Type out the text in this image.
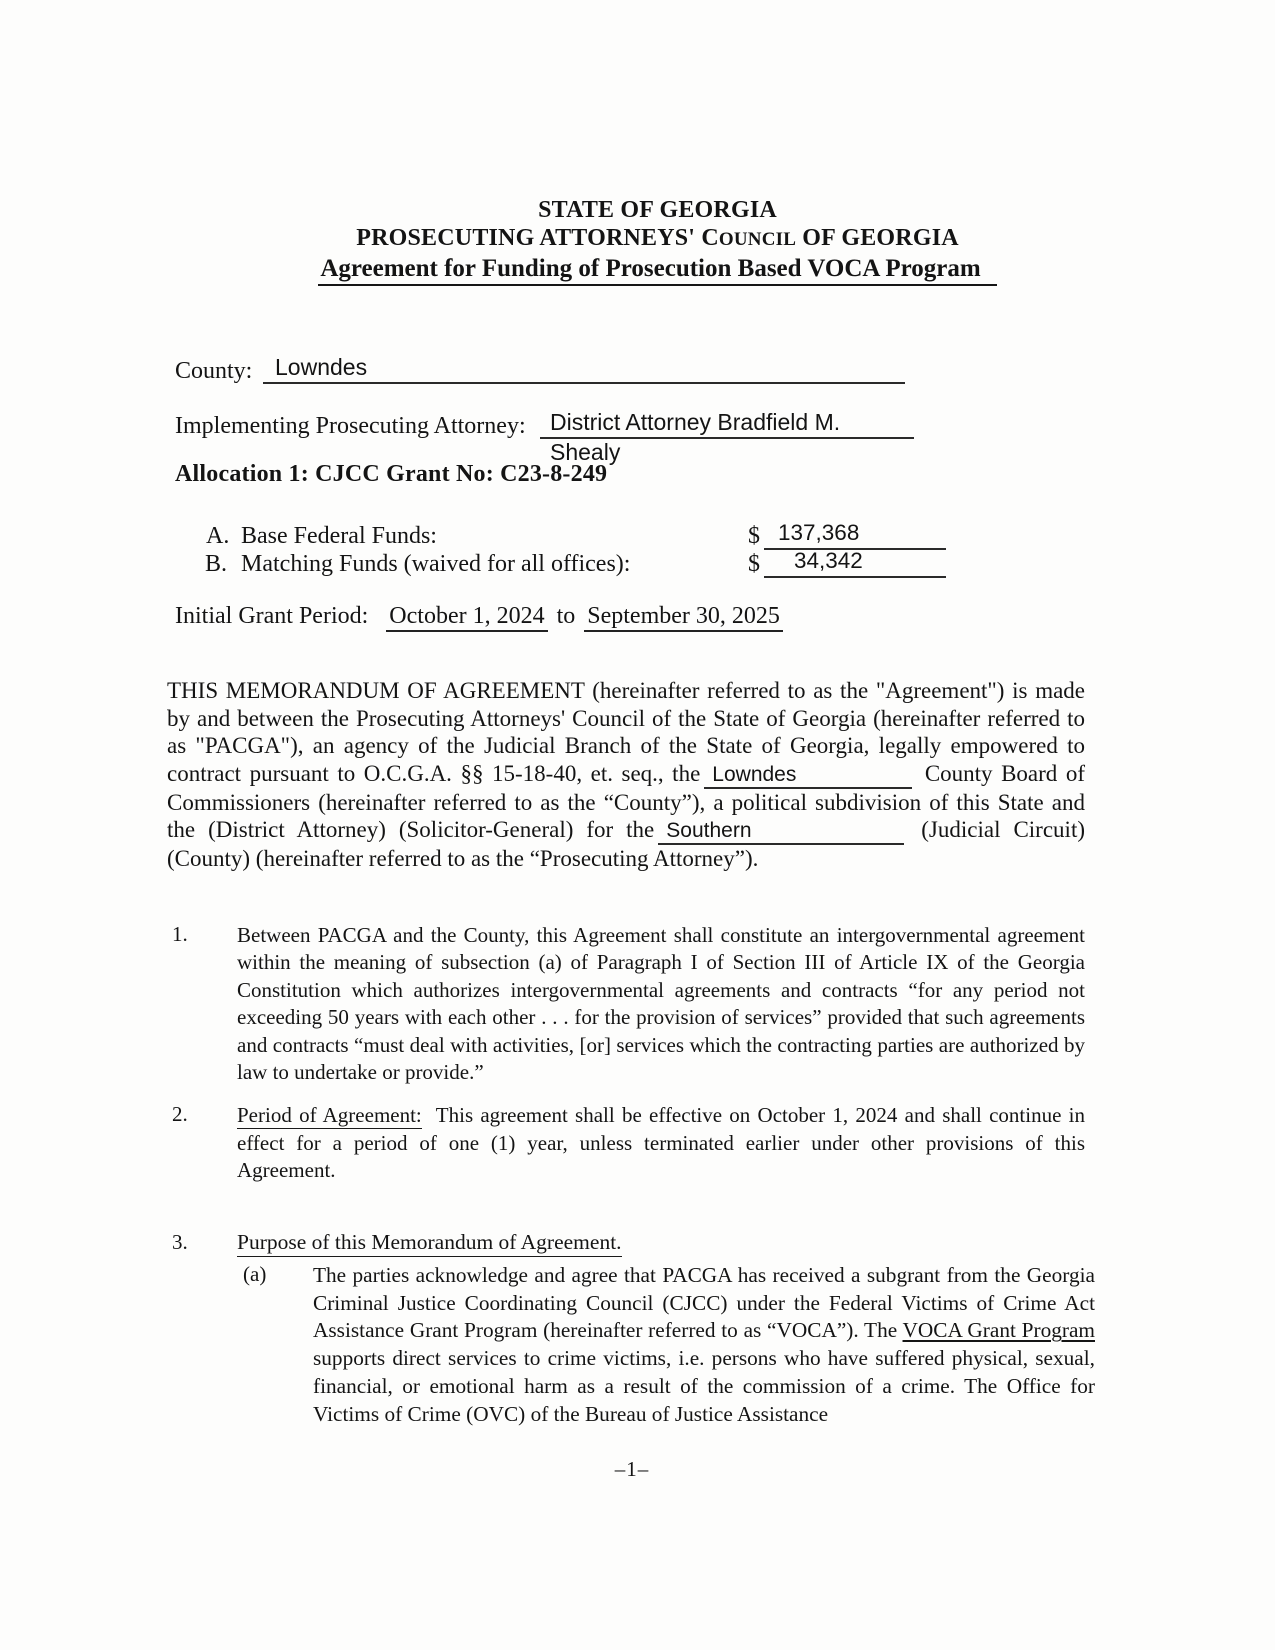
STATE OF GEORGIA
PROSECUTING ATTORNEYS' COUNCIL OF GEORGIA
Agreement for Funding of Prosecution Based VOCA Program
County: Lowndes
Implementing Prosecuting Attorney:	District Attorney Bradfield M. Shealy
Allocation 1: CJCC Grant No: C23-8-249
A. Base Federal Funds:	$ 137,368
B. Matching Funds (waived for all offices):	$	34,342
Initial Grant Period: October 1, 2024 to September 30, 2025
THIS MEMORANDUM OF AGREEMENT (hereinafter referred to as the "Agreement") is made by and between the Prosecuting Attorneys' Council of the State of Georgia (hereinafter referred to as "PACGA"), an agency of the Judicial Branch of the State of Georgia, legally empowered to contract pursuant to O.C.G.A. §§ 15-18-40, et. seq., the Lowndes	County Board of Commissioners (hereinafter referred to as the “County”), a political subdivision of this State and the (District Attorney) (Solicitor-General) for the Southern	(Judicial Circuit) (County) (hereinafter referred to as the “Prosecuting Attorney”).
1. Between PACGA and the County, this Agreement shall constitute an intergovernmental agreement within the meaning of subsection (a) of Paragraph I of Section III of Article IX of the Georgia Constitution which authorizes intergovernmental agreements and contracts “for any period not exceeding 50 years with each other . . . for the provision of services” provided that such agreements and contracts “must deal with activities, [or] services which the contracting parties are authorized by law to undertake or provide.”
2. Period of Agreement: This agreement shall be effective on October 1, 2024 and shall continue in effect for a period of one (1) year, unless terminated earlier under other provisions of this Agreement.
3. Purpose of this Memorandum of Agreement.
(a) The parties acknowledge and agree that PACGA has received a subgrant from the Georgia Criminal Justice Coordinating Council (CJCC) under the Federal Victims of Crime Act Assistance Grant Program (hereinafter referred to as “VOCA”). The VOCA Grant Program supports direct services to crime victims, i.e. persons who have suffered physical, sexual, financial, or emotional harm as a result of the commission of a crime. The Office for Victims of Crime (OVC) of the Bureau of Justice Assistance
–1–
